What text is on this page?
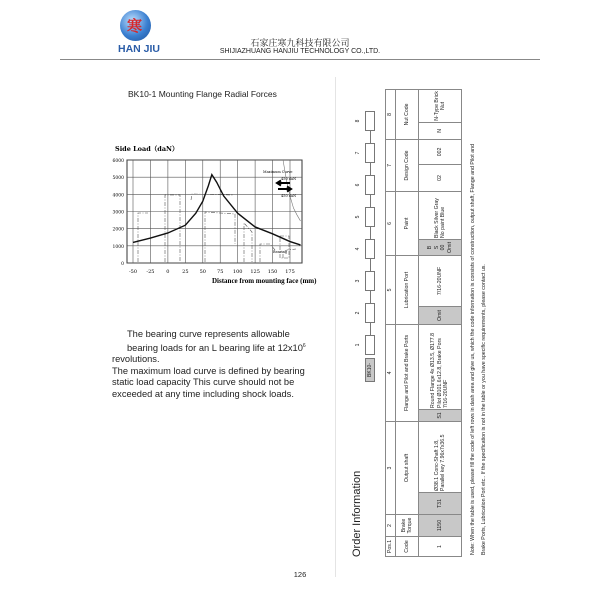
寒
HAN JIU	石家庄寒九科技有限公司
SHIJIAZHUANG HANJIU TECHNOLOGY CO.,LTD.
BK10-1 Mounting Flange Radial Forces
Side Load（daN）
-50 -25 0	25 50 75 100 125 150 175
0
1000
2000
3000
4000
5000
6000
Maximum Curve
450 daN
450 daN
Bearing
Distance from mounting face (mm)
The bearing curve represents allowable bearing loads for an L bearing life at $12x10^6$
revolutions.
The maximum load curve is defined by bearing static load capacity This curve should not be exceeded at any time including shock loads.
Order Information
BK10-
1
2
3
4
5
6
7
8
Pos.1	2	3		4		5		6		7		8	
Code	Brake Torque	Output shaft		Flange and Pilot and Brake Ports		Lubrication Port		Paint		Design Code		Nut Code	
1	1150	T31	Ø38.1 Conc-Shaft 1:8, Parallel key 7.96x7x36.5	S1	Round Flange 4x Ø13.5, Ø177.8 Pilot Ø101.6x12.8, Brake Pors 7/16-20UNF	Omit	7/16-20UNF	B S 00 Omit	Black Silver Gray No paint Blue	02	002	N	N-Type Brick Nut
Note: When the table is used, please fill the code of left rows in dash area and give us, which the code information is consists of construction, output shaft, Flange and Pilot and Brake Ports, Lubrication Port etc.. If the specification is not in the table or you have specific requirements, please contact us.
126
